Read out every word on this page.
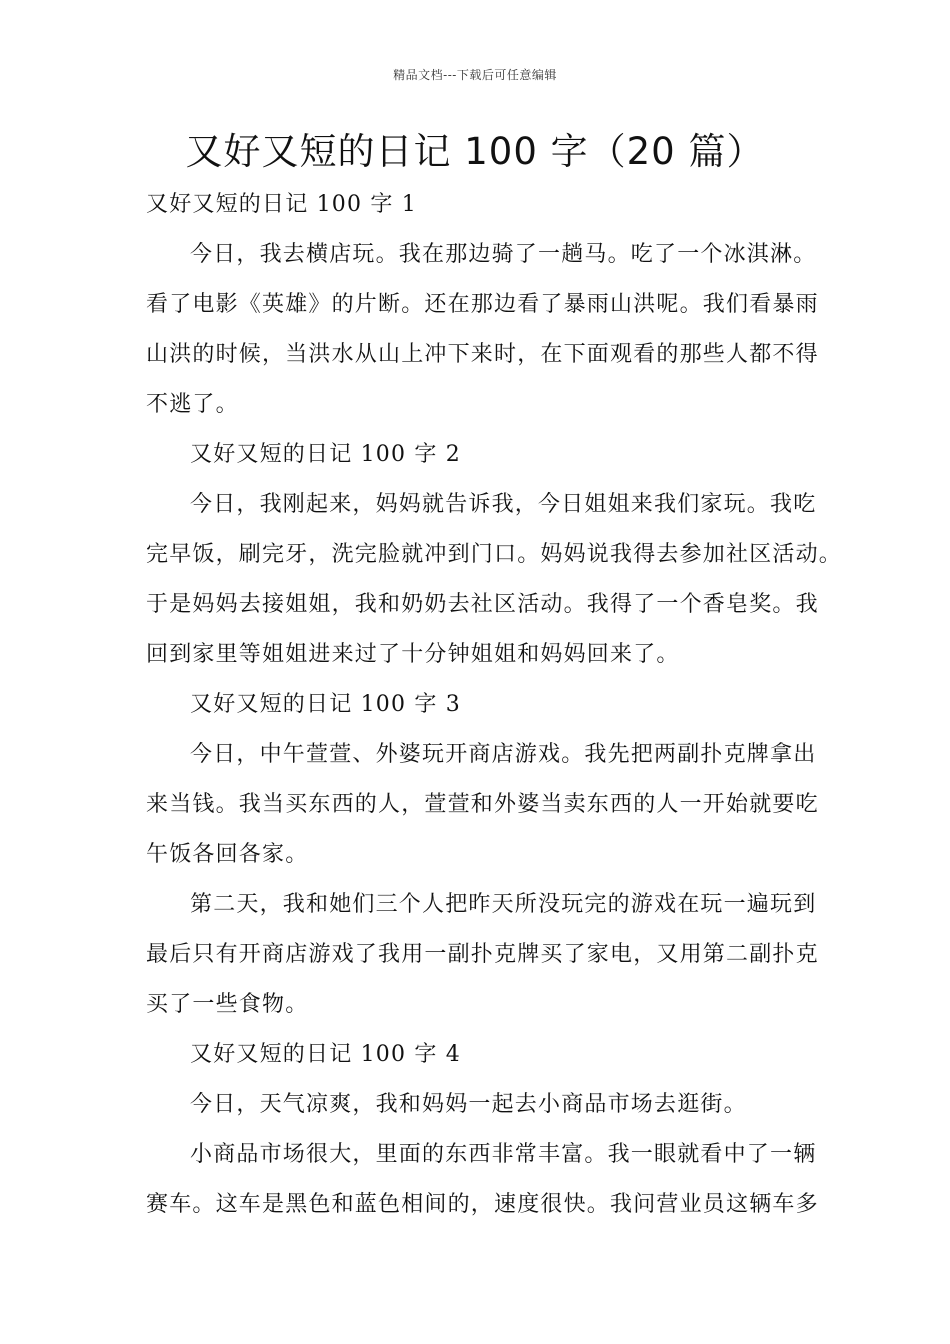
精品文档---下载后可任意编辑
又好又短的日记 100 字（20 篇）
又好又短的日记 100 字 1
今日，我去横店玩。我在那边骑了一趟马。吃了一个冰淇淋。
看了电影《英雄》的片断。还在那边看了暴雨山洪呢。我们看暴雨
山洪的时候，当洪水从山上冲下来时，在下面观看的那些人都不得
不逃了。
又好又短的日记 100 字 2
今日，我刚起来，妈妈就告诉我，今日姐姐来我们家玩。我吃
完早饭，刷完牙，洗完脸就冲到门口。妈妈说我得去参加社区活动。
于是妈妈去接姐姐，我和奶奶去社区活动。我得了一个香皂奖。我
回到家里等姐姐进来过了十分钟姐姐和妈妈回来了。
又好又短的日记 100 字 3
今日，中午萱萱、外婆玩开商店游戏。我先把两副扑克牌拿出
来当钱。我当买东西的人，萱萱和外婆当卖东西的人一开始就要吃
午饭各回各家。
第二天，我和她们三个人把昨天所没玩完的游戏在玩一遍玩到
最后只有开商店游戏了我用一副扑克牌买了家电，又用第二副扑克
买了一些食物。
又好又短的日记 100 字 4
今日，天气凉爽，我和妈妈一起去小商品市场去逛街。
小商品市场很大，里面的东西非常丰富。我一眼就看中了一辆
赛车。这车是黑色和蓝色相间的，速度很快。我问营业员这辆车多
